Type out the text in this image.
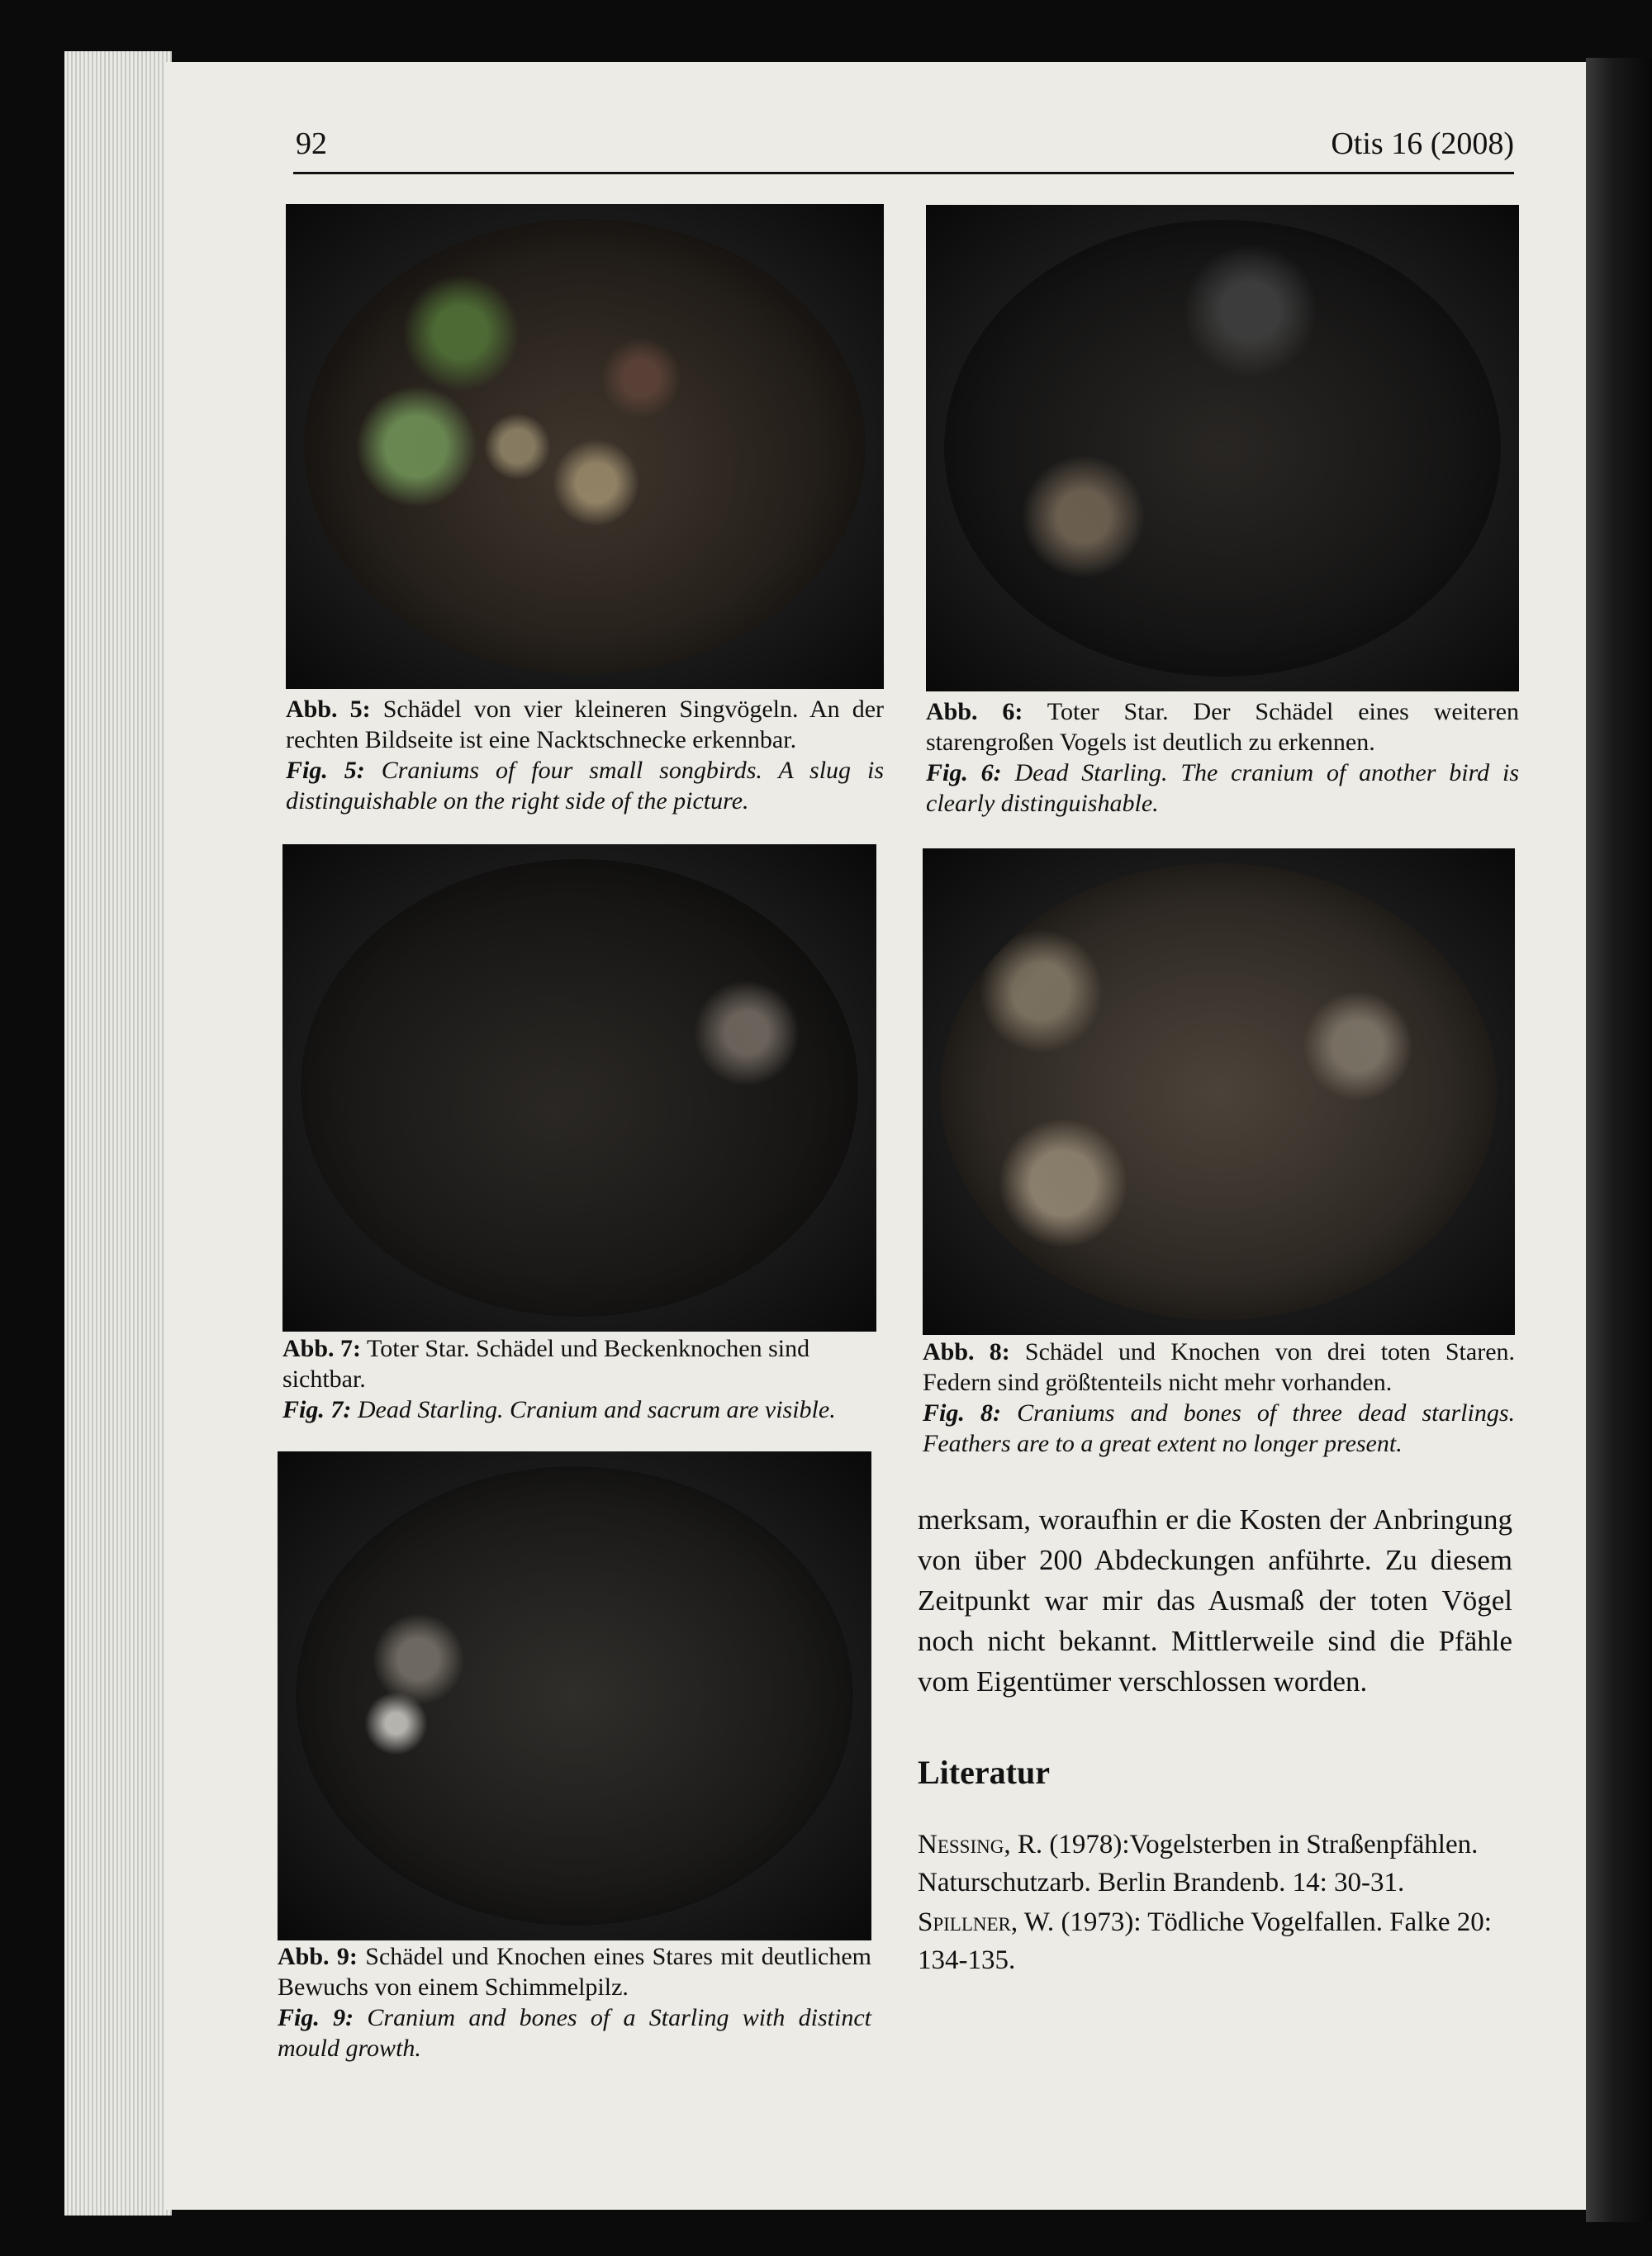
92	Otis 16 (2008)

Abb. 5: Schädel von vier kleineren Singvögeln. An der rechten Bildseite ist eine Nacktschnecke erkennbar.

Fig. 5: Craniums of four small songbirds. A slug is distinguishable on the right side of the picture.

Abb. 6: Toter Star. Der Schädel eines weiteren starengroßen Vogels ist deutlich zu erkennen.

Fig. 6: Dead Starling. The cranium of another bird is clearly distinguishable.

Abb. 7: Toter Star. Schädel und Beckenknochen sind sichtbar.

Fig. 7: Dead Starling. Cranium and sacrum are visible.

Abb. 8: Schädel und Knochen von drei toten Staren. Federn sind größtenteils nicht mehr vorhanden.

Fig. 8: Craniums and bones of three dead starlings. Feathers are to a great extent no longer present.

Abb. 9: Schädel und Knochen eines Stares mit deutlichem Bewuchs von einem Schimmelpilz.

Fig. 9: Cranium and bones of a Starling with distinct mould growth.

merksam, woraufhin er die Kosten der Anbringung von über 200 Abdeckungen anführte. Zu diesem Zeitpunkt war mir das Ausmaß der toten Vögel noch nicht bekannt. Mittlerweile sind die Pfähle vom Eigentümer verschlossen worden.

Literatur

Nessing, R. (1978):Vogelsterben in Straßenpfählen. Naturschutzarb. Berlin Brandenb. 14: 30-31.

Spillner, W. (1973): Tödliche Vogelfallen. Falke 20: 134-135.
